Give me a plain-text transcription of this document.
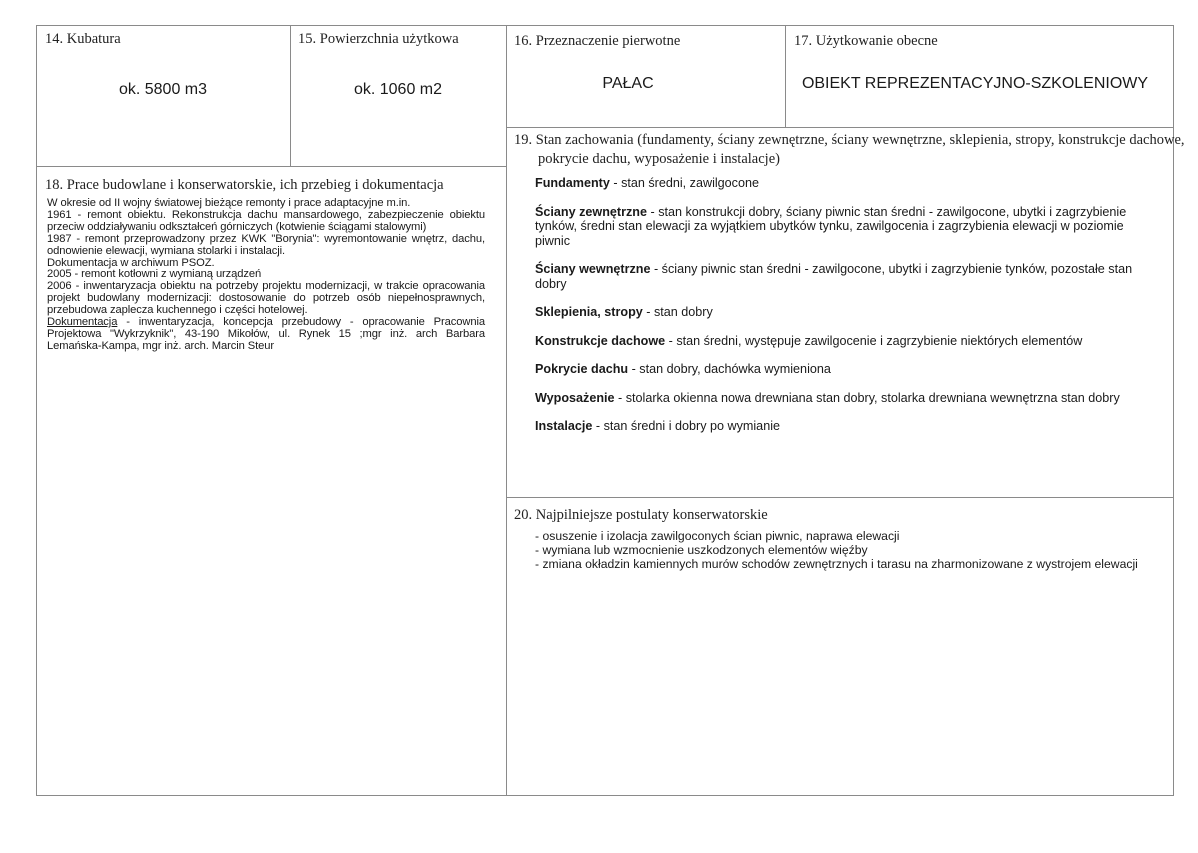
14. Kubatura
ok. 5800 m3
15. Powierzchnia użytkowa
ok. 1060 m2
16. Przeznaczenie pierwotne
PAŁAC
17. Użytkowanie obecne
OBIEKT REPREZENTACYJNO-SZKOLENIOWY
18. Prace budowlane i konserwatorskie, ich przebieg i dokumentacja
W okresie od II wojny światowej bieżące remonty i prace adaptacyjne m.in.
1961 - remont obiektu. Rekonstrukcja dachu mansardowego, zabezpieczenie obiektu przeciw oddziaływaniu odkształceń górniczych (kotwienie ściągami stalowymi)
1987 - remont przeprowadzony przez KWK "Borynia": wyremontowanie wnętrz, dachu, odnowienie elewacji, wymiana stolarki i instalacji.
Dokumentacja w archiwum PSOZ.
2005 - remont kotłowni z wymianą urządzeń
2006 - inwentaryzacja obiektu na potrzeby projektu modernizacji, w trakcie opracowania projekt budowlany modernizacji: dostosowanie do potrzeb osób niepełnosprawnych, przebudowa zaplecza kuchennego i części hotelowej.
Dokumentacja - inwentaryzacja, koncepcja przebudowy - opracowanie Pracownia Projektowa "Wykrzyknik", 43-190 Mikołów, ul. Rynek 15 ;mgr inż. arch Barbara Lemańska-Kampa, mgr inż. arch. Marcin Steur
19. Stan zachowania (fundamenty, ściany zewnętrzne, ściany wewnętrzne, sklepienia, stropy, konstrukcje dachowe,
pokrycie dachu, wyposażenie i instalacje)
Fundamenty - stan średni, zawilgocone
Ściany zewnętrzne - stan konstrukcji dobry, ściany piwnic stan średni - zawilgocone, ubytki i zagrzybienie tynków, średni stan elewacji za wyjątkiem ubytków tynku, zawilgocenia i zagrzybienia elewacji w poziomie piwnic
Ściany wewnętrzne - ściany piwnic stan średni - zawilgocone, ubytki i zagrzybienie tynków, pozostałe stan dobry
Sklepienia, stropy - stan dobry
Konstrukcje dachowe - stan średni, występuje zawilgocenie i zagrzybienie niektórych elementów
Pokrycie dachu - stan dobry, dachówka wymieniona
Wyposażenie - stolarka okienna nowa drewniana stan dobry, stolarka drewniana wewnętrzna stan dobry
Instalacje - stan średni i dobry po wymianie
20. Najpilniejsze postulaty konserwatorskie
- osuszenie i izolacja zawilgoconych ścian piwnic, naprawa elewacji
- wymiana lub wzmocnienie uszkodzonych elementów więźby
- zmiana okładzin kamiennych murów schodów zewnętrznych i tarasu na zharmonizowane z wystrojem elewacji
